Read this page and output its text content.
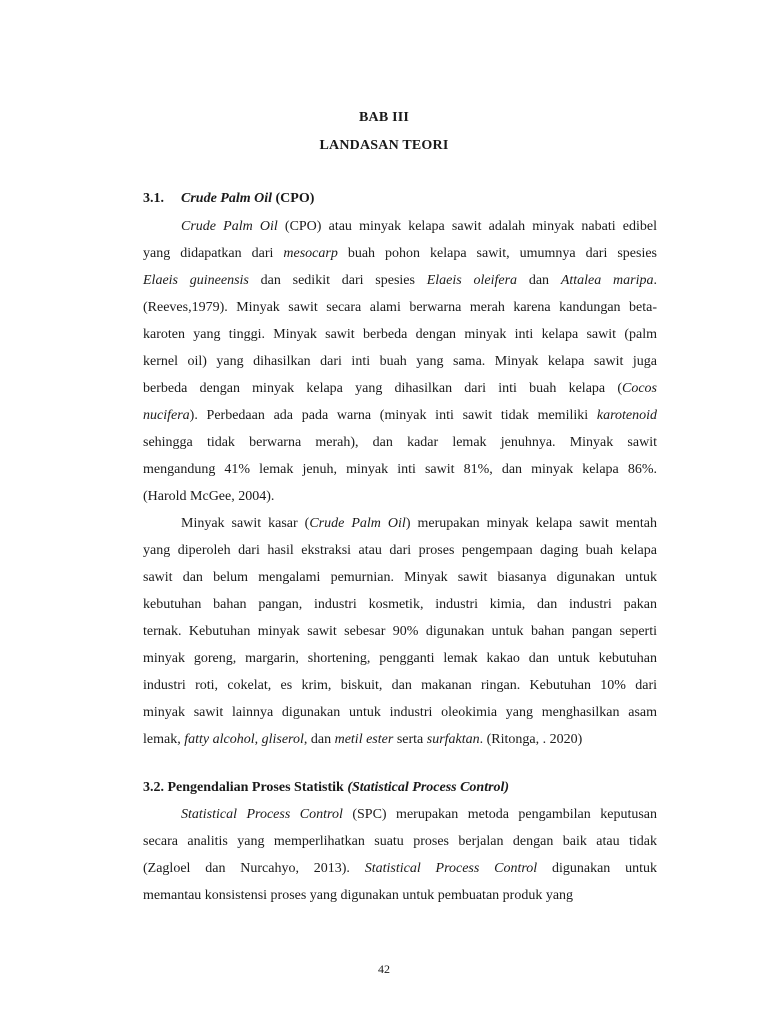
BAB III
LANDASAN TEORI
3.1. Crude Palm Oil (CPO)
Crude Palm Oil (CPO) atau minyak kelapa sawit adalah minyak nabati edibel
yang didapatkan dari mesocarp buah pohon kelapa sawit, umumnya dari spesies
Elaeis guineensis dan sedikit dari spesies Elaeis oleifera dan Attalea maripa.
(Reeves,1979). Minyak sawit secara alami berwarna merah karena kandungan beta-
karoten yang tinggi. Minyak sawit berbeda dengan minyak inti kelapa sawit (palm
kernel oil) yang dihasilkan dari inti buah yang sama. Minyak kelapa sawit juga
berbeda dengan minyak kelapa yang dihasilkan dari inti buah kelapa (Cocos
nucifera). Perbedaan ada pada warna (minyak inti sawit tidak memiliki karotenoid
sehingga tidak berwarna merah), dan kadar lemak jenuhnya. Minyak sawit
mengandung 41% lemak jenuh, minyak inti sawit 81%, dan minyak kelapa 86%.
(Harold McGee, 2004).
Minyak sawit kasar (Crude Palm Oil) merupakan minyak kelapa sawit mentah
yang diperoleh dari hasil ekstraksi atau dari proses pengempaan daging buah kelapa
sawit dan belum mengalami pemurnian. Minyak sawit biasanya digunakan untuk
kebutuhan bahan pangan, industri kosmetik, industri kimia, dan industri pakan
ternak. Kebutuhan minyak sawit sebesar 90% digunakan untuk bahan pangan seperti
minyak goreng, margarin, shortening, pengganti lemak kakao dan untuk kebutuhan
industri roti, cokelat, es krim, biskuit, dan makanan ringan. Kebutuhan 10% dari
minyak sawit lainnya digunakan untuk industri oleokimia yang menghasilkan asam
lemak, fatty alcohol, gliserol, dan metil ester serta surfaktan. (Ritonga, . 2020)
3.2. Pengendalian Proses Statistik (Statistical Process Control)
Statistical Process Control (SPC) merupakan metoda pengambilan keputusan
secara analitis yang memperlihatkan suatu proses berjalan dengan baik atau tidak
(Zagloel dan Nurcahyo, 2013). Statistical Process Control digunakan untuk
memantau konsistensi proses yang digunakan untuk pembuatan produk yang
42
